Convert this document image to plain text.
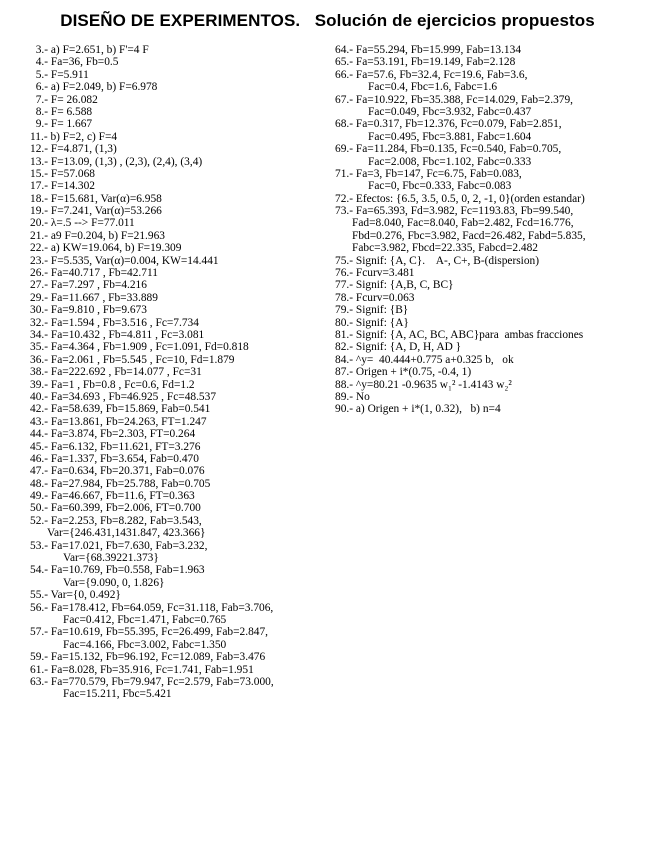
DISEÑO DE EXPERIMENTOS.   Solución de ejercicios propuestos
3.- a) F=2.651, b) F'=4 F
4.- Fa=36, Fb=0.5
5.- F=5.911
6.- a) F=2.049, b) F=6.978
7.- F= 26.082
8.- F= 6.588
9.- F= 1.667
11.- b) F=2, c) F=4
12.- F=4.871, (1,3)
13.- F=13.09, (1,3) , (2,3), (2,4), (3,4)
15.- F=57.068
17.- F=14.302
18.- F=15.681, Var(α)=6.958
19.- F=7.241, Var(α)=53.266
20.- λ=.5 --> F=77.011
21.- a9 F=0.204, b) F=21.963
22.- a) KW=19.064, b) F=19.309
23.- F=5.535, Var(α)=0.004, KW=14.441
26.- Fa=40.717 , Fb=42.711
27.- Fa=7.297 , Fb=4.216
29.- Fa=11.667 , Fb=33.889
30.- Fa=9.810 , Fb=9.673
32.- Fa=1.594 , Fb=3.516 , Fc=7.734
34.- Fa=10.432 , Fb=4.811 , Fc=3.081
35.- Fa=4.364 , Fb=1.909 , Fc=1.091, Fd=0.818
36.- Fa=2.061 , Fb=5.545 , Fc=10, Fd=1.879
38.- Fa=222.692 , Fb=14.077 , Fc=31
39.- Fa=1 , Fb=0.8 , Fc=0.6, Fd=1.2
40.- Fa=34.693 , Fb=46.925 , Fc=48.537
42.- Fa=58.639, Fb=15.869, Fab=0.541
43.- Fa=13.861, Fb=24.263, FT=1.247
44.- Fa=3.874, Fb=2.303, FT=0.264
45.- Fa=6.132, Fb=11.621, FT=3.276
46.- Fa=1.337, Fb=3.654, Fab=0.470
47.- Fa=0.634, Fb=20.371, Fab=0.076
48.- Fa=27.984, Fb=25.788, Fab=0.705
49.- Fa=46.667, Fb=11.6, FT=0.363
50.- Fa=60.399, Fb=2.006, FT=0.700
52.- Fa=2.253, Fb=8.282, Fab=3.543,
Var={246.431,1431.847, 423.366}
53.- Fa=17.021, Fb=7.630, Fab=3.232,
Var={68.39221.373}
54.- Fa=10.769, Fb=0.558, Fab=1.963
Var={9.090, 0, 1.826}
55.- Var={0, 0.492}
56.- Fa=178.412, Fb=64.059, Fc=31.118, Fab=3.706,
Fac=0.412, Fbc=1.471, Fabc=0.765
57.- Fa=10.619, Fb=55.395, Fc=26.499, Fab=2.847,
Fac=4.166, Fbc=3.002, Fabc=1.350
59.- Fa=15.132, Fb=96.192, Fc=12.089, Fab=3.476
61.- Fa=8.028, Fb=35.916, Fc=1.741, Fab=1.951
63.- Fa=770.579, Fb=79.947, Fc=2.579, Fab=73.000,
Fac=15.211, Fbc=5.421
64.- Fa=55.294, Fb=15.999, Fab=13.134
65.- Fa=53.191, Fb=19.149, Fab=2.128
66.- Fa=57.6, Fb=32.4, Fc=19.6, Fab=3.6,
Fac=0.4, Fbc=1.6, Fabc=1.6
67.- Fa=10.922, Fb=35.388, Fc=14.029, Fab=2.379,
Fac=0.049, Fbc=3.932, Fabc=0.437
68.- Fa=0.317, Fb=12.376, Fc=0.079, Fab=2.851,
Fac=0.495, Fbc=3.881, Fabc=1.604
69.- Fa=11.284, Fb=0.135, Fc=0.540, Fab=0.705,
Fac=2.008, Fbc=1.102, Fabc=0.333
71.- Fa=3, Fb=147, Fc=6.75, Fab=0.083,
Fac=0, Fbc=0.333, Fabc=0.083
72.- Efectos: {6.5, 3.5, 0.5, 0, 2, -1, 0}(orden estandar)
73.- Fa=65.393, Fd=3.982, Fc=1193.83, Fb=99.540,
Fad=8.040, Fac=8.040, Fab=2.482, Fcd=16.776,
Fbd=0.276, Fbc=3.982, Facd=26.482, Fabd=5.835,
Fabc=3.982, Fbcd=22.335, Fabcd=2.482
75.- Signif: {A, C}.    A-, C+, B-(dispersion)
76.- Fcurv=3.481
77.- Signif: {A,B, C, BC}
78.- Fcurv=0.063
79.- Signif: {B}
80.- Signif: {A}
81.- Signif: {A, AC, BC, ABC}para  ambas fracciones
82.- Signif: {A, D, H, AD }
84.- ^y=  40.444+0.775 a+0.325 b,   ok
87.- Origen + i*(0.75, -0.4, 1)
88.- ^y=80.21 -0.9635 w₁² -1.4143 w₂²
89.- No
90.- a) Origen + i*(1, 0.32),   b) n=4
